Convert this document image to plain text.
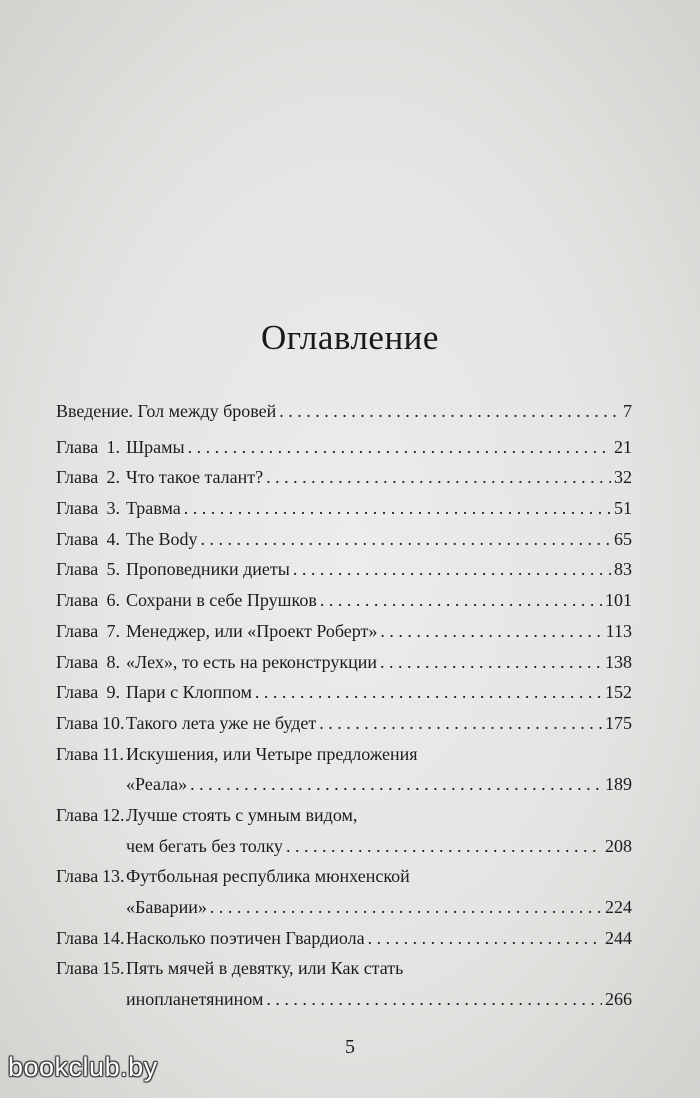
Оглавление
Введение. Гол между бровей . . .	7
Глава 1. Шрамы . . .	21
Глава 2. Что такое талант? . . .	32
Глава 3. Травма . . .	51
Глава 4. The Body . . .	65
Глава 5. Проповедники диеты . . .	83
Глава 6. Сохрани в себе Прушков . . .	101
Глава 7. Менеджер, или «Проект Роберт» . . .	113
Глава 8. «Лех», то есть на реконструкции . . .	138
Глава 9. Пари с Клоппом . . .	152
Глава 10. Такого лета уже не будет . . .	175
Глава 11. Искушения, или Четыре предложения
«Реала» . . .	189
Глава 12. Лучше стоять с умным видом,
чем бегать без толку . . .	208
Глава 13. Футбольная республика мюнхенской
«Баварии» . . .	224
Глава 14. Насколько поэтичен Гвардиола . . .	244
Глава 15. Пять мячей в девятку, или Как стать
инопланетянином . . .	266
5
bookclub.by
